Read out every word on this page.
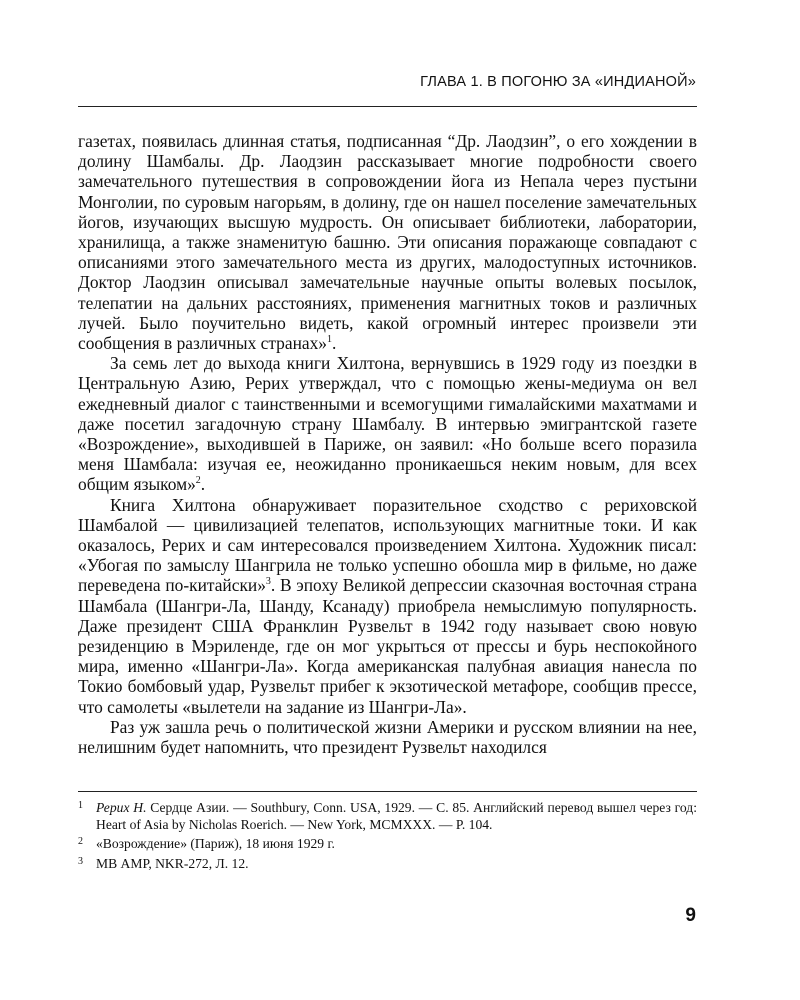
ГЛАВА 1. В ПОГОНЮ ЗА «ИНДИАНОЙ»

газетах, появилась длинная статья, подписанная “Др. Лаодзин”, о его хождении в долину Шамбалы. Др. Лаодзин рассказывает многие подробности своего замечательного путешествия в сопровождении йога из Непала через пустыни Монголии, по суровым нагорьям, в долину, где он нашел поселение замечательных йогов, изучающих высшую мудрость. Он описывает библиотеки, лаборатории, хранилища, а также знаменитую башню. Эти описания поражающе совпадают с описаниями этого замечательного места из других, малодоступных источников. Доктор Лаодзин описывал замечательные научные опыты волевых посылок, телепатии на дальних расстояниях, применения магнитных токов и различных лучей. Было поучительно видеть, какой огромный интерес произвели эти сообщения в различных странах»$^1$.

За семь лет до выхода книги Хилтона, вернувшись в 1929 году из поездки в Центральную Азию, Рерих утверждал, что с помощью жены-медиума он вел ежедневный диалог с таинственными и всемогущими гималайскими махатмами и даже посетил загадочную страну Шамбалу. В интервью эмигрантской газете «Возрождение», выходившей в Париже, он заявил: «Но больше всего поразила меня Шамбала: изучая ее, неожиданно проникаешься неким новым, для всех общим языком»$^2$.

Книга Хилтона обнаруживает поразительное сходство с рериховской Шамбалой — цивилизацией телепатов, использующих магнитные токи. И как оказалось, Рерих и сам интересовался произведением Хилтона. Художник писал: «Убогая по замыслу Шангрила не только успешно обошла мир в фильме, но даже переведена по-китайски»$^3$. В эпоху Великой депрессии сказочная восточная страна Шамбала (Шангри-Ла, Шанду, Ксанаду) приобрела немыслимую популярность. Даже президент США Франклин Рузвельт в 1942 году называет свою новую резиденцию в Мэриленде, где он мог укрыться от прессы и бурь неспокойного мира, именно «Шангри-Ла». Когда американская палубная авиация нанесла по Токио бомбовый удар, Рузвельт прибег к экзотической метафоре, сообщив прессе, что самолеты «вылетели на задание из Шангри-Ла».

Раз уж зашла речь о политической жизни Америки и русском влиянии на нее, нелишним будет напомнить, что президент Рузвельт находился

1 Рерих Н. Сердце Азии. — Southbury, Conn. USA, 1929. — С. 85. Английский перевод вышел через год: Heart of Asia by Nicholas Roerich. — New York, MCMXXX. — P. 104.
2 «Возрождение» (Париж), 18 июня 1929 г.
3 МВ АМР, NKR-272, Л. 12.
9
